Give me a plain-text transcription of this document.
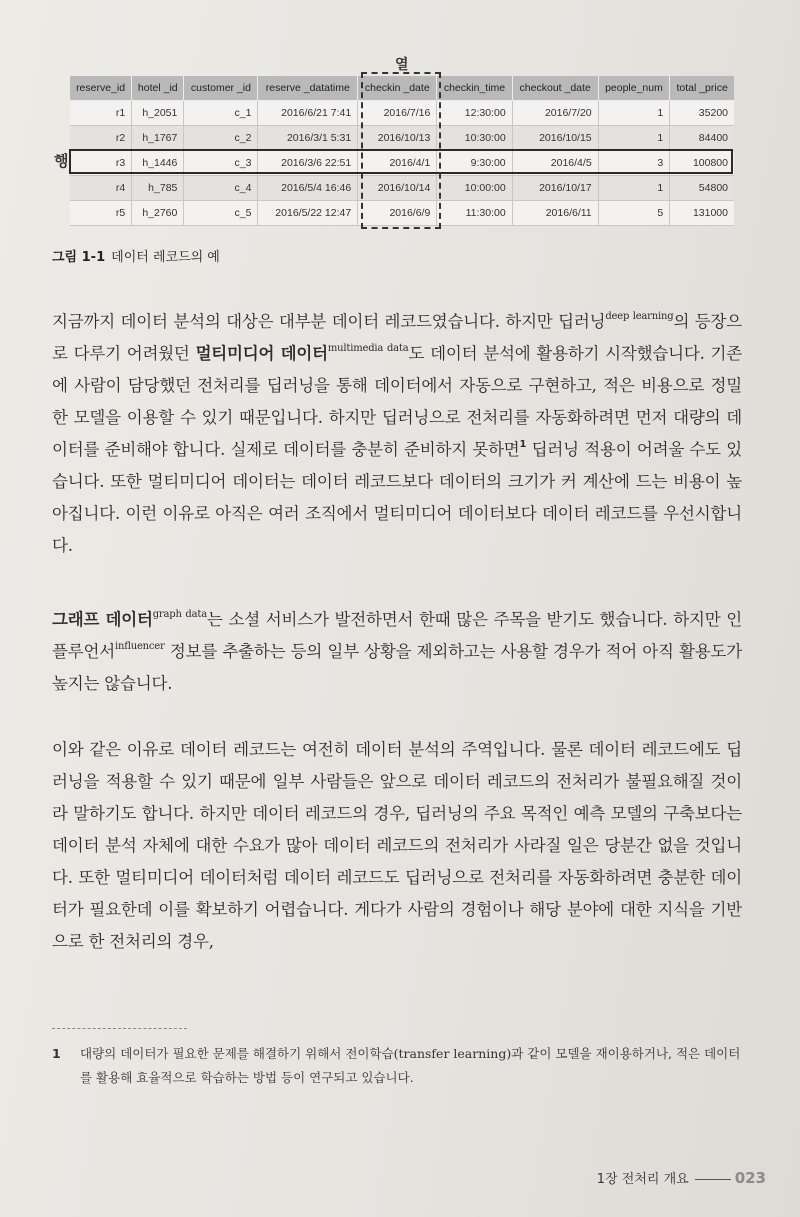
열
행
reserve_id	hotel _id	customer _id	reserve _datatime	checkin _date	checkin_time	checkout _date	people_num	total _price
r1	h_2051	c_1	2016/6/21 7:41	2016/7/16	12:30:00	2016/7/20	1	35200
r2	h_1767	c_2	2016/3/1 5:31	2016/10/13	10:30:00	2016/10/15	1	84400
r3	h_1446	c_3	2016/3/6 22:51	2016/4/1	9:30:00	2016/4/5	3	100800
r4	h_785	c_4	2016/5/4 16:46	2016/10/14	10:00:00	2016/10/17	1	54800
r5	h_2760	c_5	2016/5/22 12:47	2016/6/9	11:30:00	2016/6/11	5	131000
그림 1-1 데이터 레코드의 예
지금까지 데이터 분석의 대상은 대부분 데이터 레코드였습니다. 하지만 딥러닝$^{deep learning}$의 등장으로 다루기 어려웠던 멀티미디어 데이터$^{multimedia data}$도 데이터 분석에 활용하기 시작했습니다. 기존에 사람이 담당했던 전처리를 딥러닝을 통해 데이터에서 자동으로 구현하고, 적은 비용으로 정밀한 모델을 이용할 수 있기 때문입니다. 하지만 딥러닝으로 전처리를 자동화하려면 먼저 대량의 데이터를 준비해야 합니다. 실제로 데이터를 충분히 준비하지 못하면$^1$ 딥러닝 적용이 어려울 수도 있습니다. 또한 멀티미디어 데이터는 데이터 레코드보다 데이터의 크기가 커 계산에 드는 비용이 높아집니다. 이런 이유로 아직은 여러 조직에서 멀티미디어 데이터보다 데이터 레코드를 우선시합니다.
그래프 데이터$^{graph data}$는 소셜 서비스가 발전하면서 한때 많은 주목을 받기도 했습니다. 하지만 인플루언서$^{influencer}$ 정보를 추출하는 등의 일부 상황을 제외하고는 사용할 경우가 적어 아직 활용도가 높지는 않습니다.
이와 같은 이유로 데이터 레코드는 여전히 데이터 분석의 주역입니다. 물론 데이터 레코드에도 딥러닝을 적용할 수 있기 때문에 일부 사람들은 앞으로 데이터 레코드의 전처리가 불필요해질 것이라 말하기도 합니다. 하지만 데이터 레코드의 경우, 딥러닝의 주요 목적인 예측 모델의 구축보다는 데이터 분석 자체에 대한 수요가 많아 데이터 레코드의 전처리가 사라질 일은 당분간 없을 것입니다. 또한 멀티미디어 데이터처럼 데이터 레코드도 딥러닝으로 전처리를 자동화하려면 충분한 데이터가 필요한데 이를 확보하기 어렵습니다. 게다가 사람의 경험이나 해당 분야에 대한 지식을 기반으로 한 전처리의 경우,
1 대량의 데이터가 필요한 문제를 해결하기 위해서 전이학습(transfer learning)과 같이 모델을 재이용하거나, 적은 데이터를 활용해 효율적으로 학습하는 방법 등이 연구되고 있습니다.
1장 전처리 개요	023
